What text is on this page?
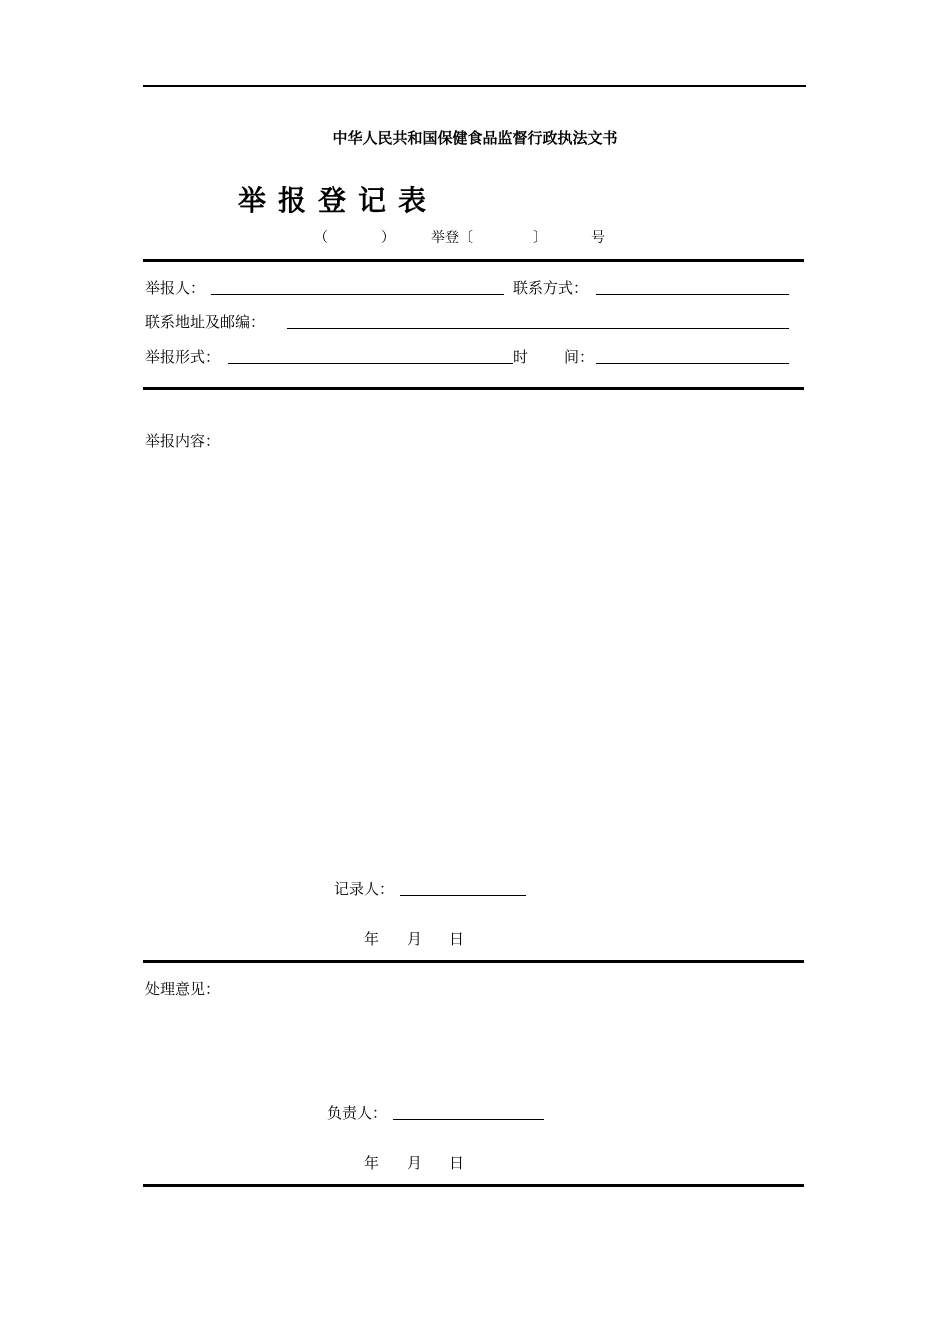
中华人民共和国保健食品监督行政执法文书
举报登记表
（	）	举登〔	〕	号
举报人：	联系方式：
联系地址及邮编：
举报形式：	时 间：
举报内容：
记录人：
年 月 日
处理意见：
负责人：
年 月 日
